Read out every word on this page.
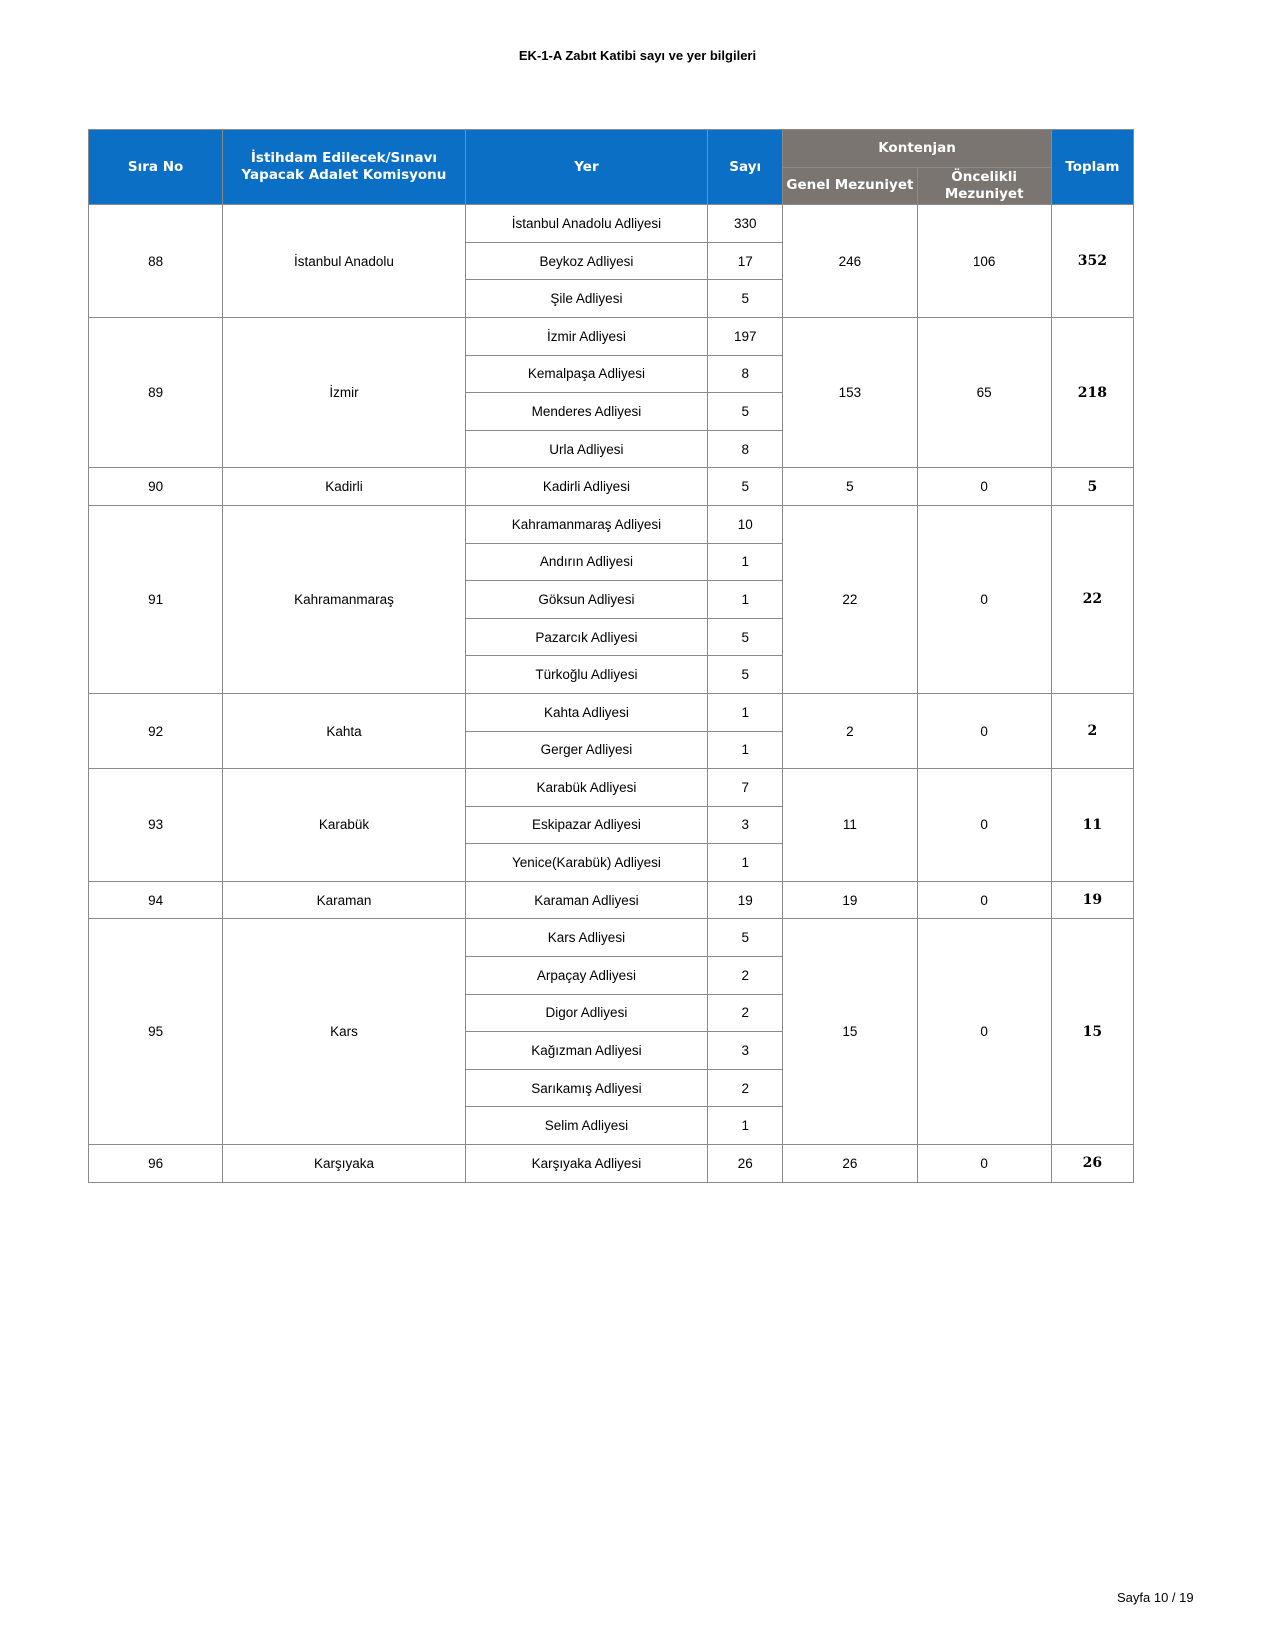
EK-1-A Zabıt Katibi sayı ve yer bilgileri
Sıra No	İstihdam Edilecek/Sınavı Yapacak Adalet Komisyonu	Yer	Sayı	Kontenjan		Toplam
				Genel Mezuniyet	Öncelikli Mezuniyet	
88	İstanbul Anadolu	İstanbul Anadolu Adliyesi	330	246	106	352
		Beykoz Adliyesi	17			
		Şile Adliyesi	5			
89	İzmir	İzmir Adliyesi	197	153	65	218
		Kemalpaşa Adliyesi	8			
		Menderes Adliyesi	5			
		Urla Adliyesi	8			
90	Kadirli	Kadirli Adliyesi	5	5	0	5
91	Kahramanmaraş	Kahramanmaraş Adliyesi	10	22	0	22
		Andırın Adliyesi	1			
		Göksun Adliyesi	1			
		Pazarcık Adliyesi	5			
		Türkoğlu Adliyesi	5			
92	Kahta	Kahta Adliyesi	1	2	0	2
		Gerger Adliyesi	1			
93	Karabük	Karabük Adliyesi	7	11	0	11
		Eskipazar Adliyesi	3			
		Yenice(Karabük) Adliyesi	1			
94	Karaman	Karaman Adliyesi	19	19	0	19
95	Kars	Kars Adliyesi	5	15	0	15
		Arpaçay Adliyesi	2			
		Digor Adliyesi	2			
		Kağızman Adliyesi	3			
		Sarıkamış Adliyesi	2			
		Selim Adliyesi	1			
96	Karşıyaka	Karşıyaka Adliyesi	26	26	0	26
Sayfa 10 / 19
